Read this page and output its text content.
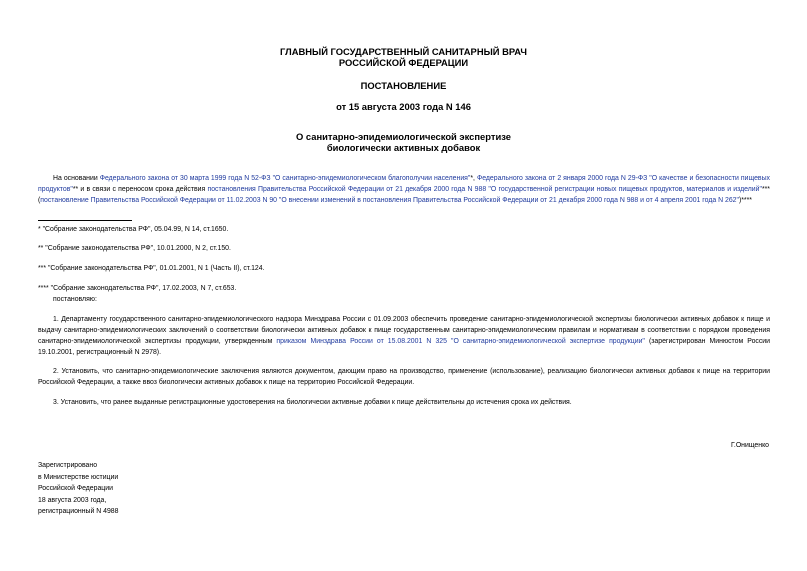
ГЛАВНЫЙ ГОСУДАРСТВЕННЫЙ САНИТАРНЫЙ ВРАЧ
РОССИЙСКОЙ ФЕДЕРАЦИИ
ПОСТАНОВЛЕНИЕ
от 15 августа 2003 года N 146
О санитарно-эпидемиологической экспертизе
биологически активных добавок
На основании Федерального закона от 30 марта 1999 года N 52-ФЗ "О санитарно-эпидемиологическом благополучии населения"*, Федерального закона от 2 января 2000 года N 29-ФЗ "О качестве и безопасности пищевых продуктов"** и в связи с переносом срока действия постановления Правительства Российской Федерации от 21 декабря 2000 года N 988 "О государственной регистрации новых пищевых продуктов, материалов и изделий"*** (постановление Правительства Российской Федерации от 11.02.2003 N 90 "О внесении изменений в постановления Правительства Российской Федерации от 21 декабря 2000 года N 988 и от 4 апреля 2001 года N 262")****
* "Собрание законодательства РФ", 05.04.99, N 14, ст.1650.
** "Собрание законодательства РФ", 10.01.2000, N 2, ст.150.
*** "Собрание законодательства РФ", 01.01.2001, N 1 (Часть II), ст.124.
**** "Собрание законодательства РФ", 17.02.2003, N 7, ст.653.
постановляю:
1. Департаменту государственного санитарно-эпидемиологического надзора Минздрава России с 01.09.2003 обеспечить проведение санитарно-эпидемиологической экспертизы биологически активных добавок к пище и выдачу санитарно-эпидемиологических заключений о соответствии биологически активных добавок к пище государственным санитарно-эпидемиологическим правилам и нормативам в соответствии с порядком проведения санитарно-эпидемиологической экспертизы продукции, утвержденным приказом Минздрава России от 15.08.2001 N 325 "О санитарно-эпидемиологической экспертизе продукции" (зарегистрирован Минюстом России 19.10.2001, регистрационный N 2978).
2. Установить, что санитарно-эпидемиологические заключения являются документом, дающим право на производство, применение (использование), реализацию биологически активных добавок к пище на территории Российской Федерации, а также ввоз биологически активных добавок к пище на территорию Российской Федерации.
3. Установить, что ранее выданные регистрационные удостоверения на биологически активные добавки к пище действительны до истечения срока их действия.
Г.Онищенко
Зарегистрировано
в Министерстве юстиции
Российской Федерации
18 августа 2003 года,
регистрационный N 4988
